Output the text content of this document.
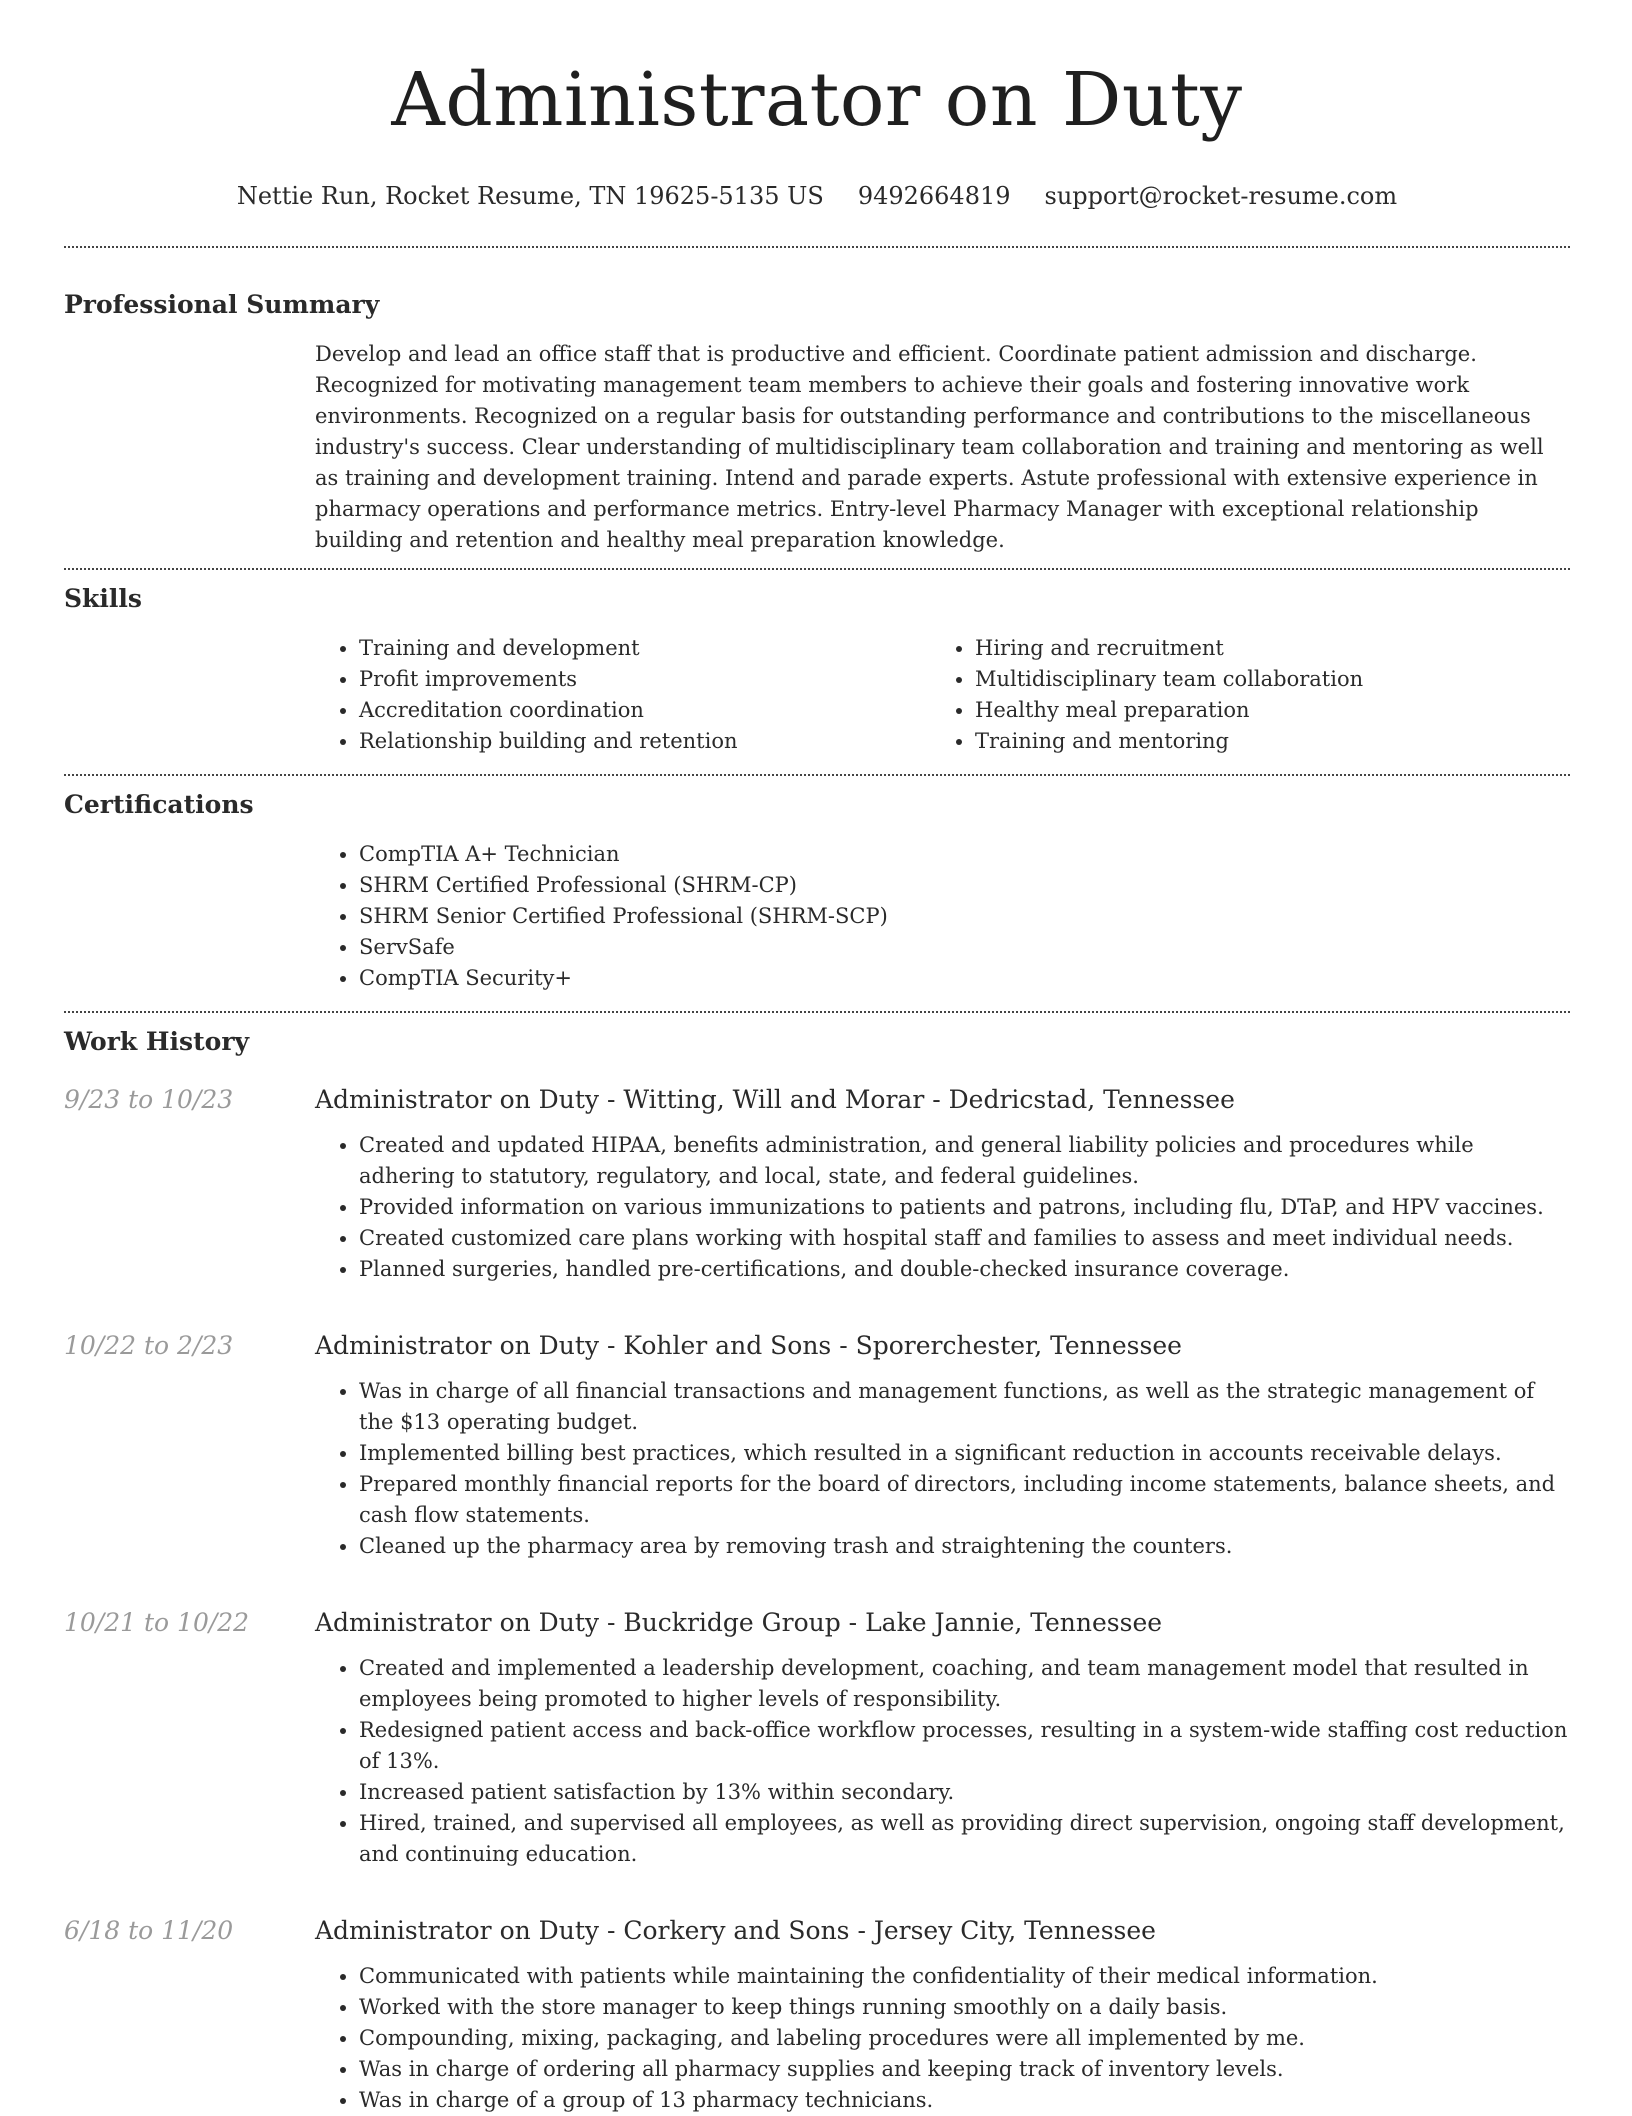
Administrator on Duty
Nettie Run, Rocket Resume, TN 19625-5135 US 9492664819 support@rocket-resume.com
Professional Summary
Develop and lead an office staff that is productive and efficient. Coordinate patient admission and discharge. Recognized for motivating management team members to achieve their goals and fostering innovative work environments. Recognized on a regular basis for outstanding performance and contributions to the miscellaneous industry's success. Clear understanding of multidisciplinary team collaboration and training and mentoring as well as training and development training. Intend and parade experts. Astute professional with extensive experience in pharmacy operations and performance metrics. Entry-level Pharmacy Manager with exceptional relationship building and retention and healthy meal preparation knowledge.
Skills
• Training and development
• Profit improvements
• Accreditation coordination
• Relationship building and retention
• Hiring and recruitment
• Multidisciplinary team collaboration
• Healthy meal preparation
• Training and mentoring
Certifications
• CompTIA A+ Technician
• SHRM Certified Professional (SHRM-CP)
• SHRM Senior Certified Professional (SHRM-SCP)
• ServSafe
• CompTIA Security+
Work History
9/23 to 10/23	Administrator on Duty - Witting, Will and Morar - Dedricstad, Tennessee
• Created and updated HIPAA, benefits administration, and general liability policies and procedures while adhering to statutory, regulatory, and local, state, and federal guidelines.
• Provided information on various immunizations to patients and patrons, including flu, DTaP, and HPV vaccines.
• Created customized care plans working with hospital staff and families to assess and meet individual needs.
• Planned surgeries, handled pre-certifications, and double-checked insurance coverage.
10/22 to 2/23	Administrator on Duty - Kohler and Sons - Sporerchester, Tennessee
• Was in charge of all financial transactions and management functions, as well as the strategic management of the $13 operating budget.
• Implemented billing best practices, which resulted in a significant reduction in accounts receivable delays.
• Prepared monthly financial reports for the board of directors, including income statements, balance sheets, and cash flow statements.
• Cleaned up the pharmacy area by removing trash and straightening the counters.
10/21 to 10/22	Administrator on Duty - Buckridge Group - Lake Jannie, Tennessee
• Created and implemented a leadership development, coaching, and team management model that resulted in employees being promoted to higher levels of responsibility.
• Redesigned patient access and back-office workflow processes, resulting in a system-wide staffing cost reduction of 13%.
• Increased patient satisfaction by 13% within secondary.
• Hired, trained, and supervised all employees, as well as providing direct supervision, ongoing staff development, and continuing education.
6/18 to 11/20	Administrator on Duty - Corkery and Sons - Jersey City, Tennessee
• Communicated with patients while maintaining the confidentiality of their medical information.
• Worked with the store manager to keep things running smoothly on a daily basis.
• Compounding, mixing, packaging, and labeling procedures were all implemented by me.
• Was in charge of ordering all pharmacy supplies and keeping track of inventory levels.
• Was in charge of a group of 13 pharmacy technicians.
